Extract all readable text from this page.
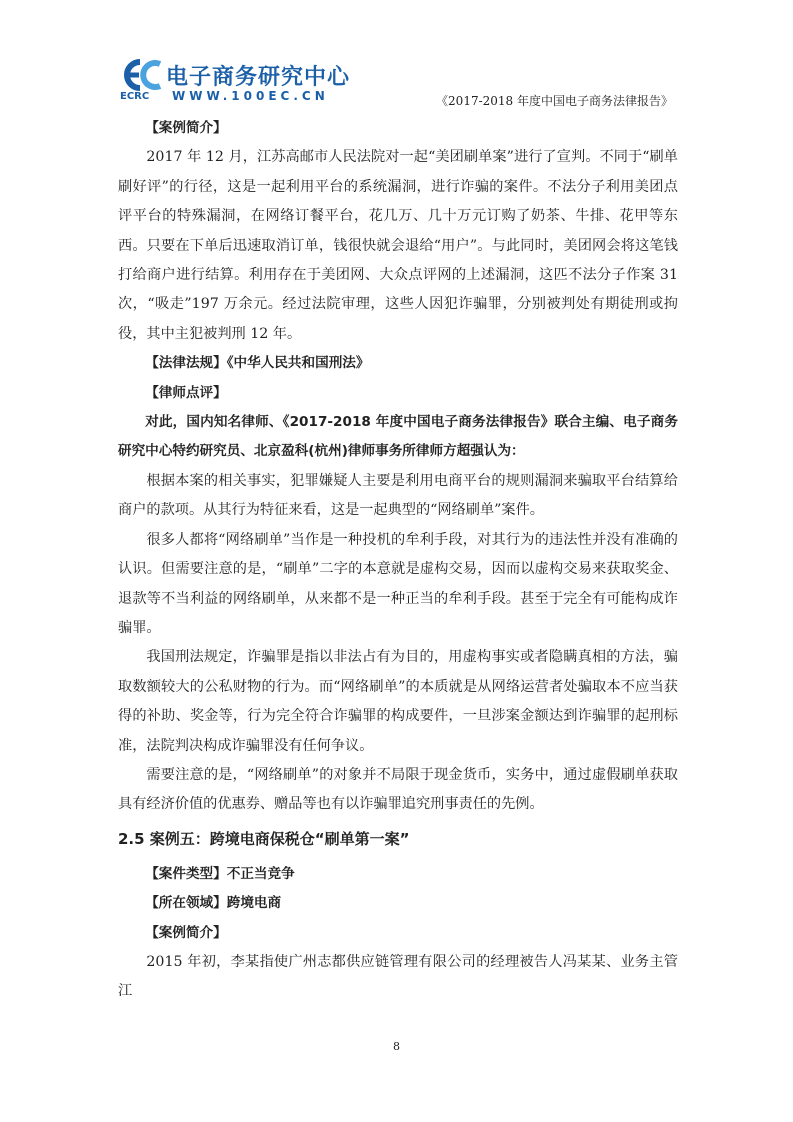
电子商务研究中心
ECRC WWW.100EC.CN	《2017-2018 年度中国电子商务法律报告》

【案例简介】

2017 年 12 月，江苏高邮市人民法院对一起“美团刷单案”进行了宣判。不同于“刷单刷好评”的行径，这是一起利用平台的系统漏洞，进行诈骗的案件。不法分子利用美团点评平台的特殊漏洞，在网络订餐平台，花几万、几十万元订购了奶茶、牛排、花甲等东西。只要在下单后迅速取消订单，钱很快就会退给“用户”。与此同时，美团网会将这笔钱打给商户进行结算。利用存在于美团网、大众点评网的上述漏洞，这匹不法分子作案 31 次，“吸走”197 万余元。经过法院审理，这些人因犯诈骗罪，分别被判处有期徒刑或拘役，其中主犯被判刑 12 年。

【法律法规】《中华人民共和国刑法》

【律师点评】

对此，国内知名律师、《2017-2018 年度中国电子商务法律报告》联合主编、电子商务研究中心特约研究员、北京盈科(杭州)律师事务所律师方超强认为：

根据本案的相关事实，犯罪嫌疑人主要是利用电商平台的规则漏洞来骗取平台结算给商户的款项。从其行为特征来看，这是一起典型的“网络刷单”案件。

很多人都将“网络刷单”当作是一种投机的牟利手段，对其行为的违法性并没有准确的认识。但需要注意的是，“刷单”二字的本意就是虚构交易，因而以虚构交易来获取奖金、退款等不当利益的网络刷单，从来都不是一种正当的牟利手段。甚至于完全有可能构成诈骗罪。

我国刑法规定，诈骗罪是指以非法占有为目的，用虚构事实或者隐瞒真相的方法，骗取数额较大的公私财物的行为。而“网络刷单”的本质就是从网络运营者处骗取本不应当获得的补助、奖金等，行为完全符合诈骗罪的构成要件，一旦涉案金额达到诈骗罪的起刑标准，法院判决构成诈骗罪没有任何争议。

需要注意的是，“网络刷单”的对象并不局限于现金货币，实务中，通过虚假刷单获取具有经济价值的优惠券、赠品等也有以诈骗罪追究刑事责任的先例。

2.5 案例五：跨境电商保税仓“刷单第一案”

【案件类型】不正当竞争

【所在领域】跨境电商

【案例简介】

2015 年初，李某指使广州志都供应链管理有限公司的经理被告人冯某某、业务主管江

8
